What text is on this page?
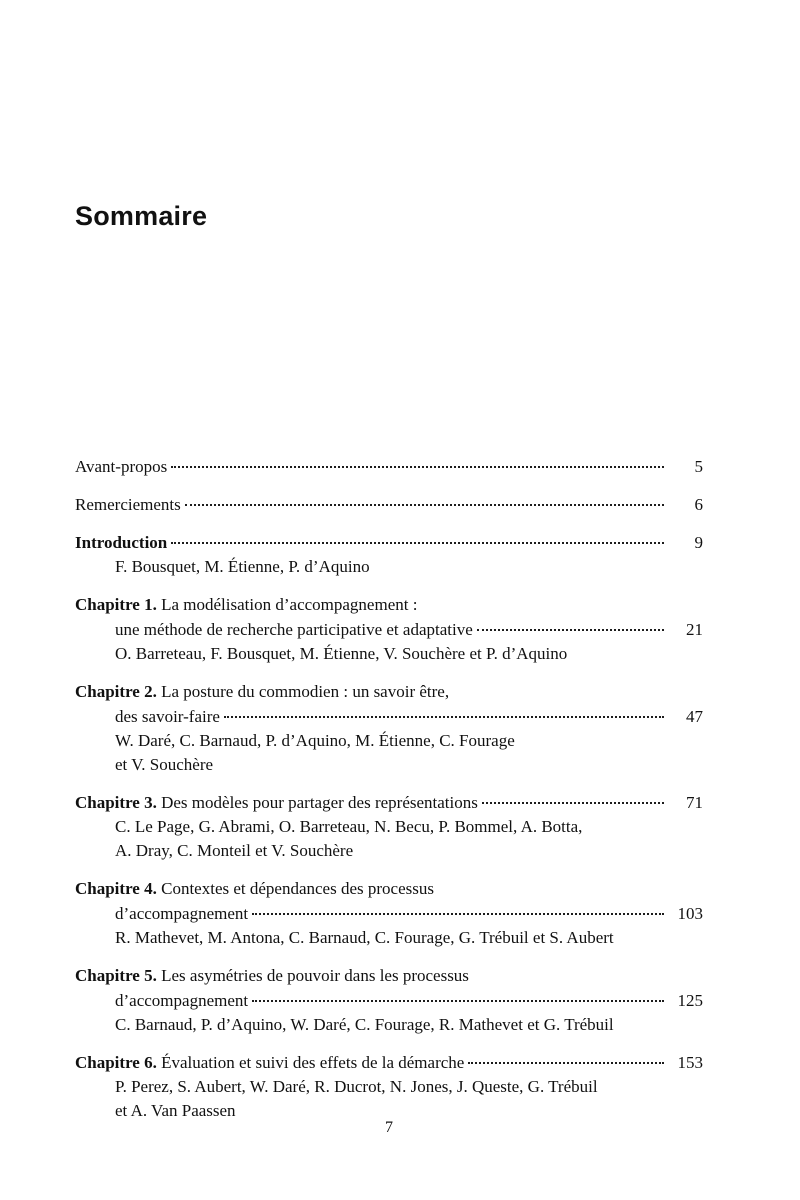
Sommaire
Avant-propos	5
Remerciements	6
Introduction	9
F. Bousquet, M. Étienne, P. d’Aquino
Chapitre 1. La modélisation d’accompagnement :
une méthode de recherche participative et adaptative	21
O. Barreteau, F. Bousquet, M. Étienne, V. Souchère et P. d’Aquino
Chapitre 2. La posture du commodien : un savoir être,
des savoir-faire	47
W. Daré, C. Barnaud, P. d’Aquino, M. Étienne, C. Fourage
et V. Souchère
Chapitre 3. Des modèles pour partager des représentations	71
C. Le Page, G. Abrami, O. Barreteau, N. Becu, P. Bommel, A. Botta,
A. Dray, C. Monteil et V. Souchère
Chapitre 4. Contextes et dépendances des processus
d’accompagnement	103
R. Mathevet, M. Antona, C. Barnaud, C. Fourage, G. Trébuil et S. Aubert
Chapitre 5. Les asymétries de pouvoir dans les processus
d’accompagnement	125
C. Barnaud, P. d’Aquino, W. Daré, C. Fourage, R. Mathevet et G. Trébuil
Chapitre 6. Évaluation et suivi des effets de la démarche	153
P. Perez, S. Aubert, W. Daré, R. Ducrot, N. Jones, J. Queste, G. Trébuil
et A. Van Paassen
7
